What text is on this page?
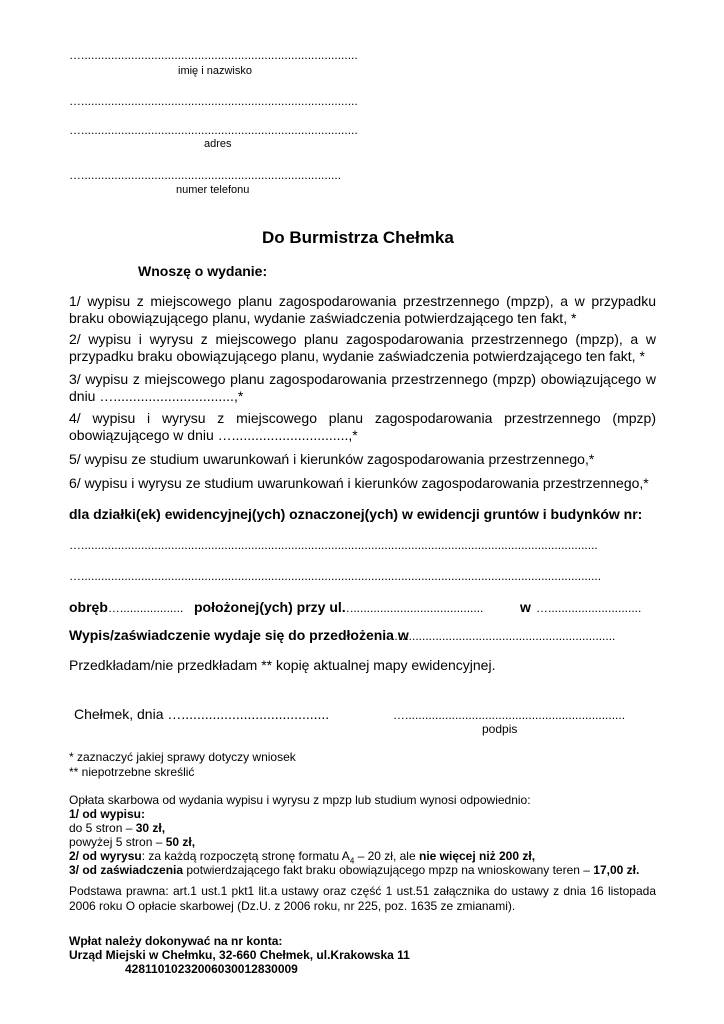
…...................................................................................
imię i nazwisko
…...................................................................................
…...................................................................................
adres
…..............................................................................
numer telefonu
Do Burmistrza Chełmka
Wnoszę o wydanie:
1/ wypisu z miejscowego planu zagospodarowania przestrzennego (mpzp), a w przypadku braku obowiązującego planu, wydanie zaświadczenia potwierdzającego ten fakt, *
2/ wypisu i wyrysu z miejscowego planu zagospodarowania przestrzennego (mpzp), a w przypadku braku obowiązującego planu, wydanie zaświadczenia potwierdzającego ten fakt, *
3/ wypisu z miejscowego planu zagospodarowania przestrzennego (mpzp) obowiązującego w dniu …...............................,*
4/ wypisu i wyrysu z miejscowego planu zagospodarowania przestrzennego (mpzp) obowiązującego w dniu …..............................,*
5/ wypisu ze studium uwarunkowań i kierunków zagospodarowania przestrzennego,*
6/ wypisu i wyrysu ze studium uwarunkowań i kierunków zagospodarowania przestrzennego,*
dla działki(ek) ewidencyjnej(ych) oznaczonej(ych) w ewidencji gruntów i budynków nr:
…...........................................................................................................................................................
…............................................................................................................................................................
obręb…................... położonej(ych) przy ul.
…........................................	w …............................
Wypis/zaświadczenie wydaje się do przedłożenia w
…................................................................
Przedkładam/nie przedkładam ** kopię aktualnej mapy ewidencyjnej.
Chełmek, dnia …......................................	…..................................................................
podpis
* zaznaczyć jakiej sprawy dotyczy wniosek
** niepotrzebne skreślić
Opłata skarbowa od wydania wypisu i wyrysu z mpzp lub studium wynosi odpowiednio:
1/ od wypisu:
do 5 stron – 30 zł,
powyżej 5 stron – 50 zł,
2/ od wyrysu: za każdą rozpoczętą stronę formatu $A_4 - 20$ zł, ale nie więcej niż 200 zł,
3/ od zaświadczenia potwierdzającego fakt braku obowiązującego mpzp na wnioskowany teren – 17,00 zł.
Podstawa prawna: art.1 ust.1 pkt1 lit.a ustawy oraz część 1 ust.51 załącznika do ustawy z dnia 16 listopada 2006 roku O opłacie skarbowej (Dz.U. z 2006 roku, nr 225, poz. 1635 ze zmianami).
Wpłat należy dokonywać na nr konta:
Urząd Miejski w Chełmku, 32-660 Chełmek, ul.Krakowska 11
42811010232006030012830009
